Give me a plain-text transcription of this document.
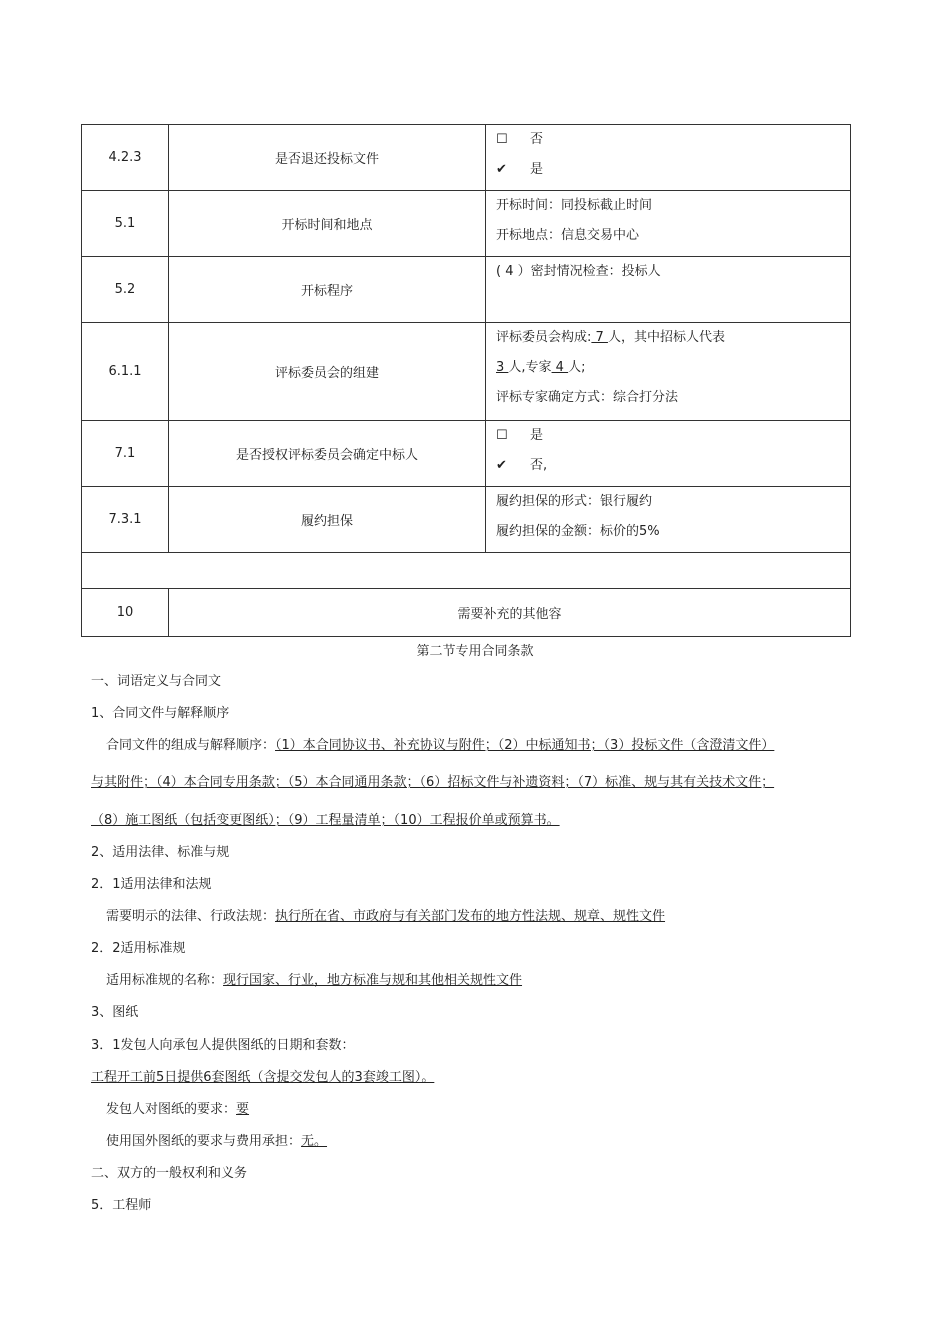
4.2.3	是否退还投标文件	☐ 否
✔ 是

5.1	开标时间和地点	开标时间：同投标截止时间
开标地点：信息交易中心

5.2	开标程序	( 4 ）密封情况检查：投标人

6.1.1	评标委员会的组建	评标委员会构成: 7 人，其中招标人代表
3 人,专家 4 人;
评标专家确定方式：综合打分法

7.1	是否授权评标委员会确定中标人	☐ 是
✔ 否,

7.3.1	履约担保	履约担保的形式：银行履约
履约担保的金额：标价的5%

10	需要补充的其他容	
第二节专用合同条款
一、词语定义与合同文
1、合同文件与解释顺序
合同文件的组成与解释顺序：（1）本合同协议书、补充协议与附件；（2）中标通知书；（3）投标文件（含澄清文件）
与其附件；（4）本合同专用条款；（5）本合同通用条款；（6）招标文件与补遗资料；（7）标准、规与其有关技术文件；
（8）施工图纸（包括变更图纸）；（9）工程量清单；（10）工程报价单或预算书。
2、适用法律、标准与规
2．1适用法律和法规
需要明示的法律、行政法规：执行所在省、市政府与有关部门发布的地方性法规、规章、规性文件
2．2适用标准规
适用标准规的名称：现行国家、行业，地方标准与规和其他相关规性文件
3、图纸
3．1发包人向承包人提供图纸的日期和套数：
工程开工前5日提供6套图纸（含提交发包人的3套竣工图）。
发包人对图纸的要求：要
使用国外图纸的要求与费用承担：无。
二、双方的一般权利和义务
5．工程师
